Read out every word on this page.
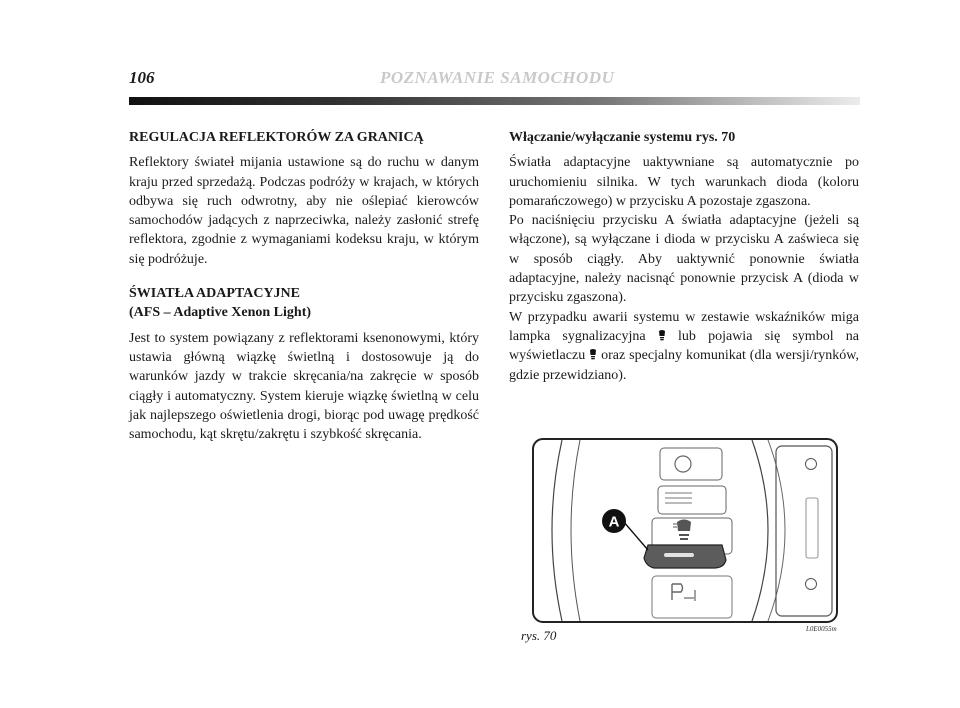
106	POZNAWANIE SAMOCHODU
REGULACJA REFLEKTORÓW ZA GRANICĄ

Reflektory świateł mijania ustawione są do ruchu w danym kraju przed sprzedażą. Podczas podróży w krajach, w których odbywa się ruch odwrotny, aby nie oślepiać kierowców samochodów jadących z naprzeciwka, należy zasłonić strefę reflektora, zgodnie z wymaganiami kodeksu kraju, w którym się podróżuje.

ŚWIATŁA ADAPTACYJNE
(AFS – Adaptive Xenon Light)

Jest to system powiązany z reflektorami ksenonowymi, który ustawia główną wiązkę świetlną i dostosowuje ją do warunków jazdy w trakcie skręcania/na zakręcie w sposób ciągły i automatyczny. System kieruje wiązkę świetlną w celu jak najlepszego oświetlenia drogi, biorąc pod uwagę prędkość samochodu, kąt skrętu/zakrętu i szybkość skręcania.

Włączanie/wyłączanie systemu rys. 70

Światła adaptacyjne uaktywniane są automatycznie po uruchomieniu silnika. W tych warunkach dioda (koloru pomarańczowego) w przycisku A pozostaje zgaszona.

Po naciśnięciu przycisku A światła adaptacyjne (jeżeli są włączone), są wyłączane i dioda w przycisku A zaświeca się w sposób ciągły. Aby uaktywnić ponownie światła adaptacyjne, należy nacisnąć ponownie przycisk A (dioda w przycisku zgaszona).

W przypadku awarii systemu w zestawie wskaźników miga lampka sygnalizacyjna lub pojawia się symbol na wyświetlaczu oraz specjalny komunikat (dla wersji/rynków, gdzie przewidziano).

A
rys. 70	L0E0055m
